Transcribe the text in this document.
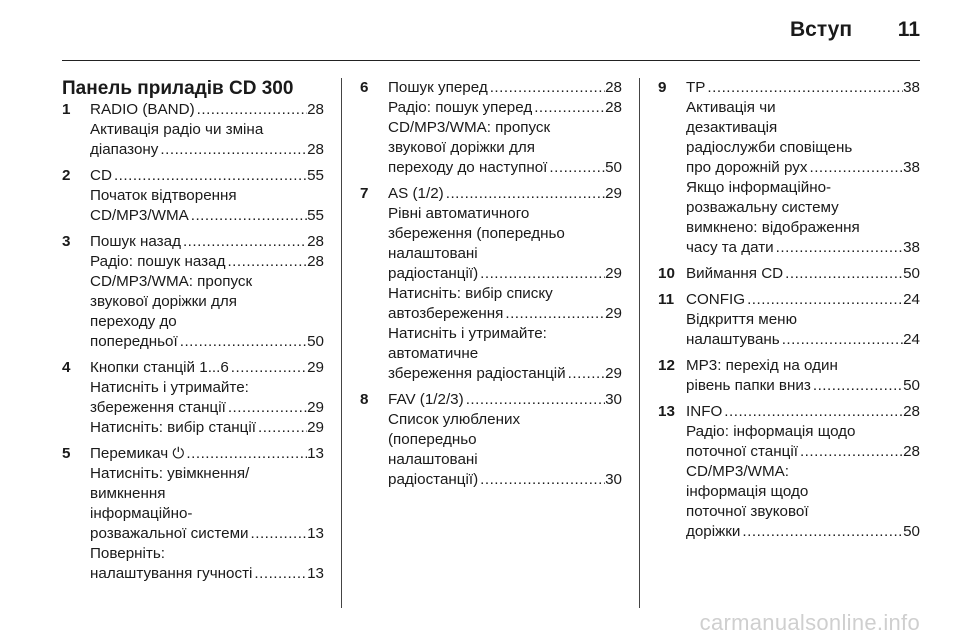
Вступ 11
Панель приладів CD 300
1 RADIO (BAND) .....	28
Активація радіо чи зміна
діапазону .....	28
2 CD .....	55
Початок відтворення
CD/MP3/WMA .....	55
3 Пошук назад .....	28
Радіо: пошук назад .....	28
CD/MP3/WMA: пропуск
звукової доріжки для
переходу до
попередньої .....	50
4 Кнопки станцій 1...6 .....	29
Натисніть і утримайте:
збереження станції .....	29
Натисніть: вибір станції .....	29
5 Перемикач ⏻ .....	13
Натисніть: увімкнення/
вимкнення
інформаційно-
розважальної системи .....	13
Поверніть:
налаштування гучності .....	13
6 Пошук уперед .....	28
Радіо: пошук уперед .....	28
CD/MP3/WMA: пропуск
звукової доріжки для
переходу до наступної .....	50
7 AS (1/2) .....	29
Рівні автоматичного
збереження (попередньо
налаштовані
радіостанції) .....	29
Натисніть: вибір списку
автозбереження .....	29
Натисніть і утримайте:
автоматичне
збереження радіостанцій .....	29
8 FAV (1/2/3) .....	30
Список улюблених
(попередньо
налаштовані
радіостанції) .....	30
9 TP .....	38
Активація чи
дезактивація
радіослужби сповіщень
про дорожній рух .....	38
Якщо інформаційно-
розважальну систему
вимкнено: відображення
часу та дати .....	38
10 Виймання CD .....	50
11 CONFIG .....	24
Відкриття меню
налаштувань .....	24
12 MP3: перехід на один
рівень папки вниз .....	50
13 INFO .....	28
Радіо: інформація щодо
поточної станції .....	28
CD/MP3/WMA:
інформація щодо
поточної звукової
доріжки .....	50
carmanualsonline.info
